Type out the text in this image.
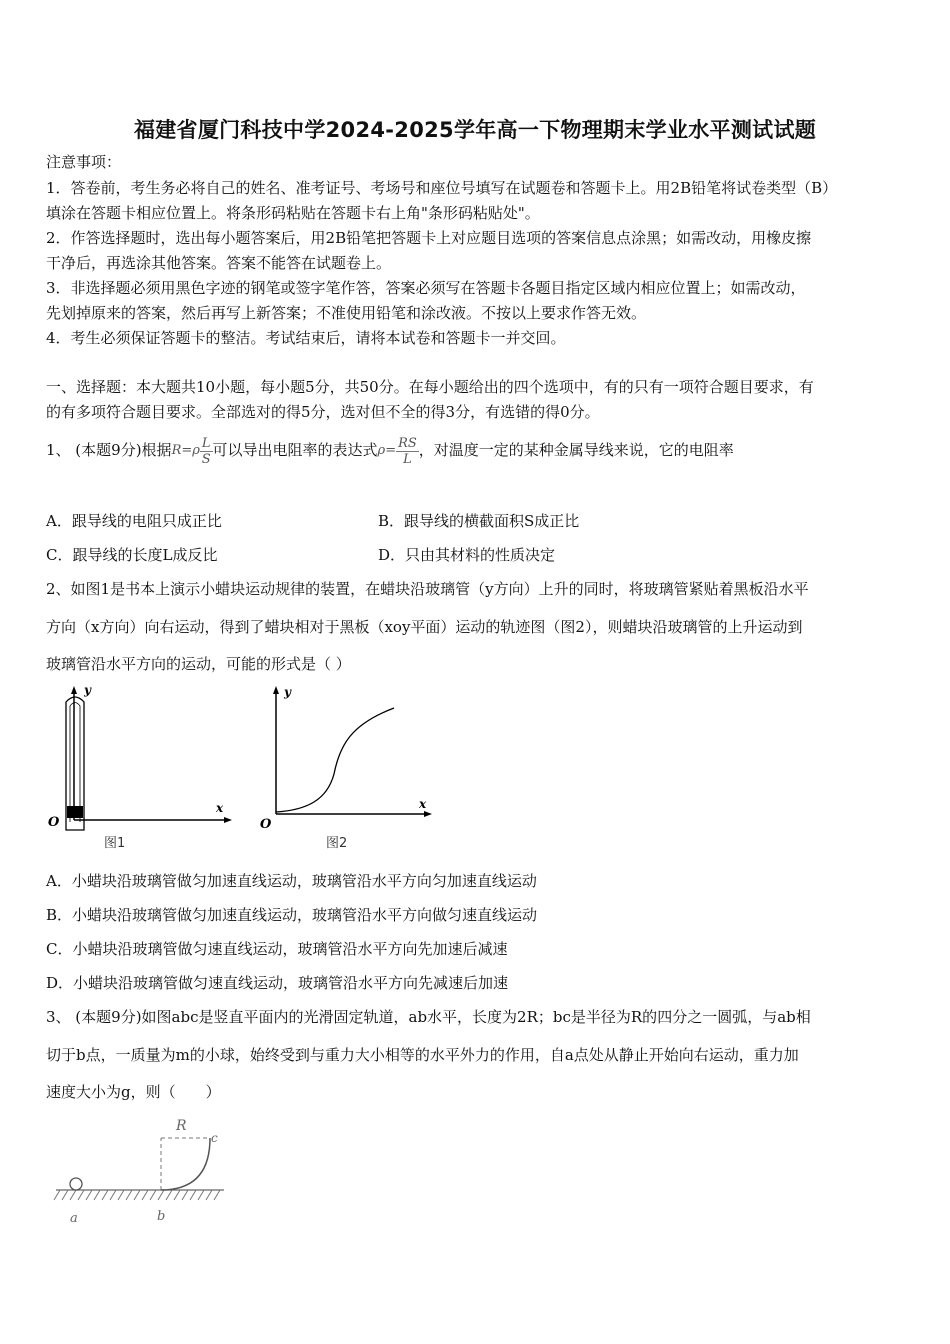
福建省厦门科技中学2024-2025学年高一下物理期末学业水平测试试题
注意事项：
1．答卷前，考生务必将自己的姓名、准考证号、考场号和座位号填写在试题卷和答题卡上。用2B铅笔将试卷类型（B）
填涂在答题卡相应位置上。将条形码粘贴在答题卡右上角"条形码粘贴处"。
2．作答选择题时，选出每小题答案后，用2B铅笔把答题卡上对应题目选项的答案信息点涂黑；如需改动，用橡皮擦
干净后，再选涂其他答案。答案不能答在试题卷上。
3．非选择题必须用黑色字迹的钢笔或签字笔作答，答案必须写在答题卡各题目指定区域内相应位置上；如需改动，
先划掉原来的答案，然后再写上新答案；不准使用铅笔和涂改液。不按以上要求作答无效。
4．考生必须保证答题卡的整洁。考试结束后，请将本试卷和答题卡一并交回。
一、选择题：本大题共10小题，每小题5分，共50分。在每小题给出的四个选项中，有的只有一项符合题目要求，有
的有多项符合题目要求。全部选对的得5分，选对但不全的得3分，有选错的得0分。
1、 (本题9分)根据$R=\rho \frac{L}{S}$ 可以导出电阻率的表达式$\rho= \frac{RS}{L}$ ，对温度一定的某种金属导线来说，它的电阻率
A．跟导线的电阻只成正比	B．跟导线的横截面积S成正比
C．跟导线的长度L成反比	D．只由其材料的性质决定
2、如图1是书本上演示小蜡块运动规律的装置，在蜡块沿玻璃管（y方向）上升的同时，将玻璃管紧贴着黑板沿水平
方向（x方向）向右运动，得到了蜡块相对于黑板（xoy平面）运动的轨迹图（图2），则蜡块沿玻璃管的上升运动到
玻璃管沿水平方向的运动，可能的形式是（ ）
y
x
O
图1
y
x
O
图2
A．小蜡块沿玻璃管做匀加速直线运动，玻璃管沿水平方向匀加速直线运动
B．小蜡块沿玻璃管做匀加速直线运动，玻璃管沿水平方向做匀速直线运动
C．小蜡块沿玻璃管做匀速直线运动，玻璃管沿水平方向先加速后减速
D．小蜡块沿玻璃管做匀速直线运动，玻璃管沿水平方向先减速后加速
3、 (本题9分)如图abc是竖直平面内的光滑固定轨道，ab水平，长度为2R；bc是半径为R的四分之一圆弧，与ab相
切于b点，一质量为m的小球，始终受到与重力大小相等的水平外力的作用，自a点处从静止开始向右运动，重力加
速度大小为g，则（　　）
R
c
a	b
